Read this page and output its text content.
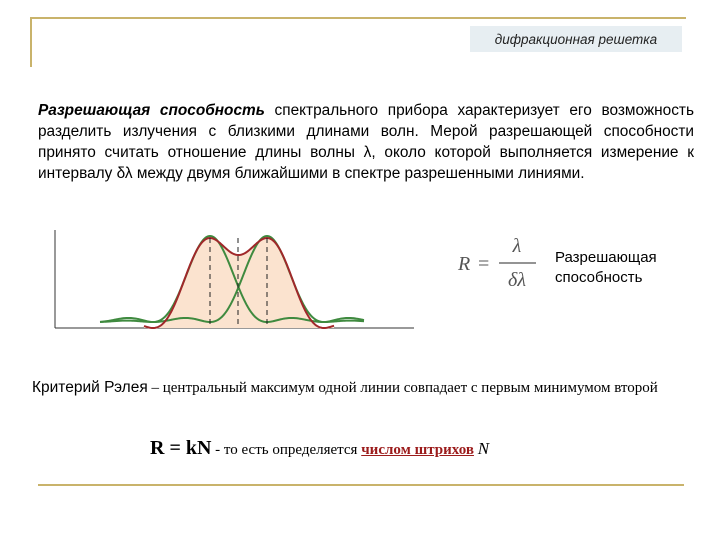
дифракционная решетка
Разрешающая способность спектрального прибора характеризует его возможность разделить излучения с близкими длинами волн. Мерой разрешающей способности принято считать отношение длины волны λ, около которой выполняется измерение к интервалу δλ между двумя ближайшими в спектре разрешенными линиями.
R =
λ
δλ
Разрешающая
способность
Критерий Рэлея – центральный максимум одной линии совпадает с первым минимумом второй
R = kN - то есть определяется числом штрихов N
